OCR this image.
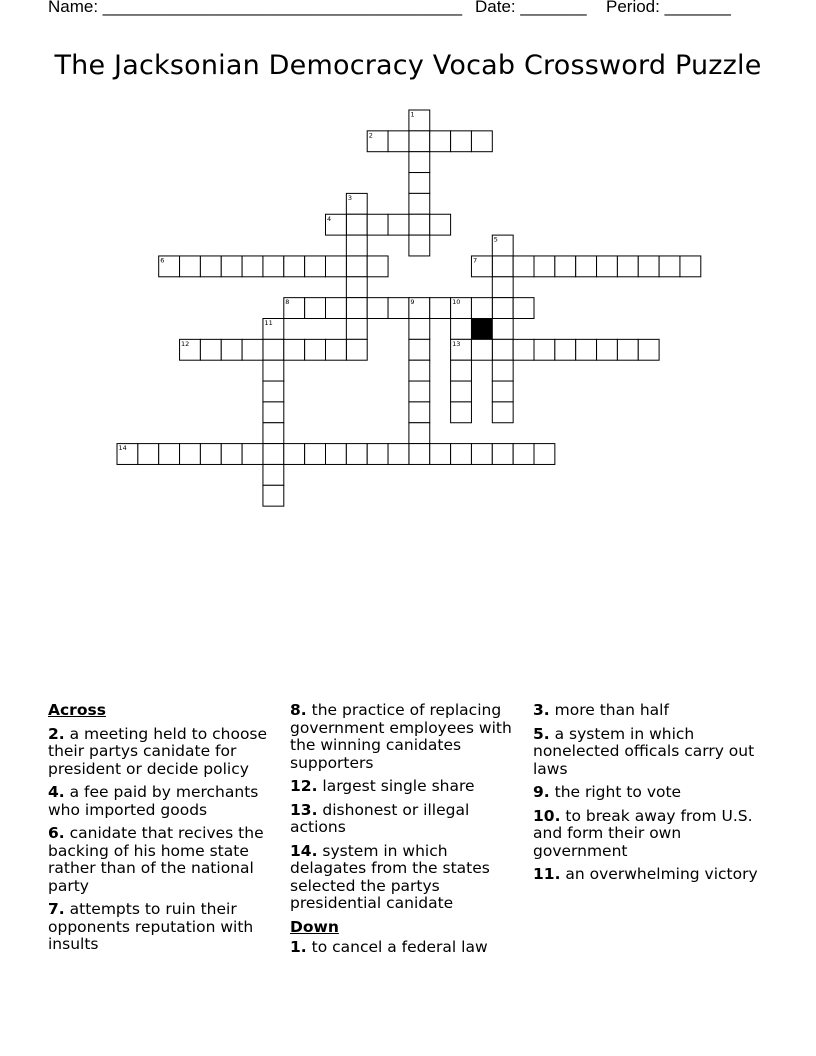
Name: ______________________________________ Date: _______ Period: _______
The Jacksonian Democracy Vocab Crossword Puzzle
1
2
3
4
5
6	7
8	9	10
11
12	13
14
Across
2. a meeting held to choose their partys canidate for president or decide policy
4. a fee paid by merchants who imported goods
6. canidate that recives the backing of his home state rather than of the national party
7. attempts to ruin their opponents reputation with insults
8. the practice of replacing government employees with the winning canidates supporters
12. largest single share
13. dishonest or illegal actions
14. system in which delagates from the states selected the partys presidential canidate
Down
1. to cancel a federal law
3. more than half
5. a system in which nonelected officals carry out laws
9. the right to vote
10. to break away from U.S. and form their own government
11. an overwhelming victory
